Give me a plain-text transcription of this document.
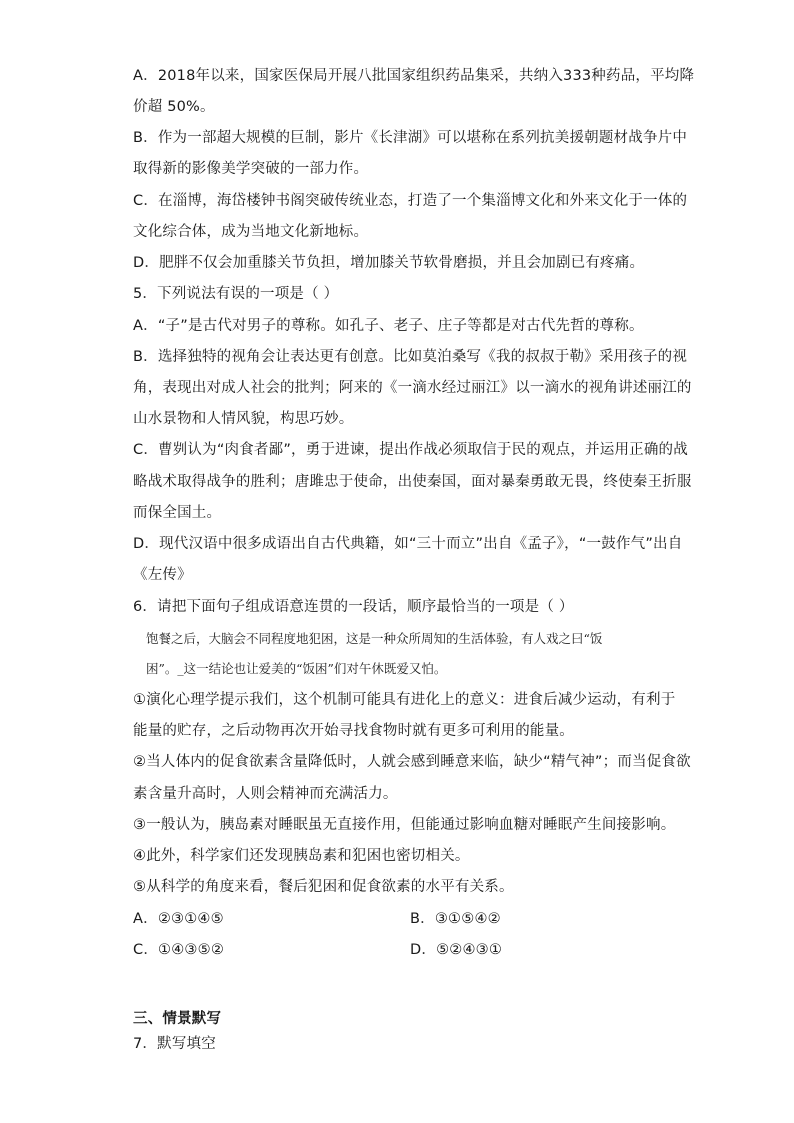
A．2018年以来，国家医保局开展八批国家组织药品集采，共纳入333种药品，平均降
价超 50%。
B．作为一部超大规模的巨制，影片《长津湖》可以堪称在系列抗美援朝题材战争片中
取得新的影像美学突破的一部力作。
C．在淄博，海岱楼钟书阁突破传统业态，打造了一个集淄博文化和外来文化于一体的
文化综合体，成为当地文化新地标。
D．肥胖不仅会加重膝关节负担，增加膝关节软骨磨损，并且会加剧已有疼痛。
5．下列说法有误的一项是（ ）
A．“子”是古代对男子的尊称。如孔子、老子、庄子等都是对古代先哲的尊称。
B．选择独特的视角会让表达更有创意。比如莫泊桑写《我的叔叔于勒》采用孩子的视
角，表现出对成人社会的批判；阿来的《一滴水经过丽江》以一滴水的视角讲述丽江的
山水景物和人情风貌，构思巧妙。
C．曹刿认为“肉食者鄙”，勇于进谏，提出作战必须取信于民的观点，并运用正确的战
略战术取得战争的胜利；唐雎忠于使命，出使秦国，面对暴秦勇敢无畏，终使秦王折服
而保全国土。
D．现代汉语中很多成语出自古代典籍，如“三十而立”出自《孟子》，“一鼓作气”出自
《左传》
6．请把下面句子组成语意连贯的一段话，顺序最恰当的一项是（ ）
饱餐之后，大脑会不同程度地犯困，这是一种众所周知的生活体验，有人戏之曰“饭
困”。_这一结论也让爱美的“饭困”们对午休既爱又怕。
①演化心理学提示我们，这个机制可能具有进化上的意义：进食后减少运动，有利于
能量的贮存，之后动物再次开始寻找食物时就有更多可利用的能量。
②当人体内的促食欲素含量降低时，人就会感到睡意来临，缺少“精气神”；而当促食欲
素含量升高时，人则会精神而充满活力。
③一般认为，胰岛素对睡眠虽无直接作用，但能通过影响血糖对睡眠产生间接影响。
④此外，科学家们还发现胰岛素和犯困也密切相关。
⑤从科学的角度来看，餐后犯困和促食欲素的水平有关系。
A．②③①④⑤	B．③①⑤④②
C．①④③⑤②	D．⑤②④③①
三、情景默写
7．默写填空
